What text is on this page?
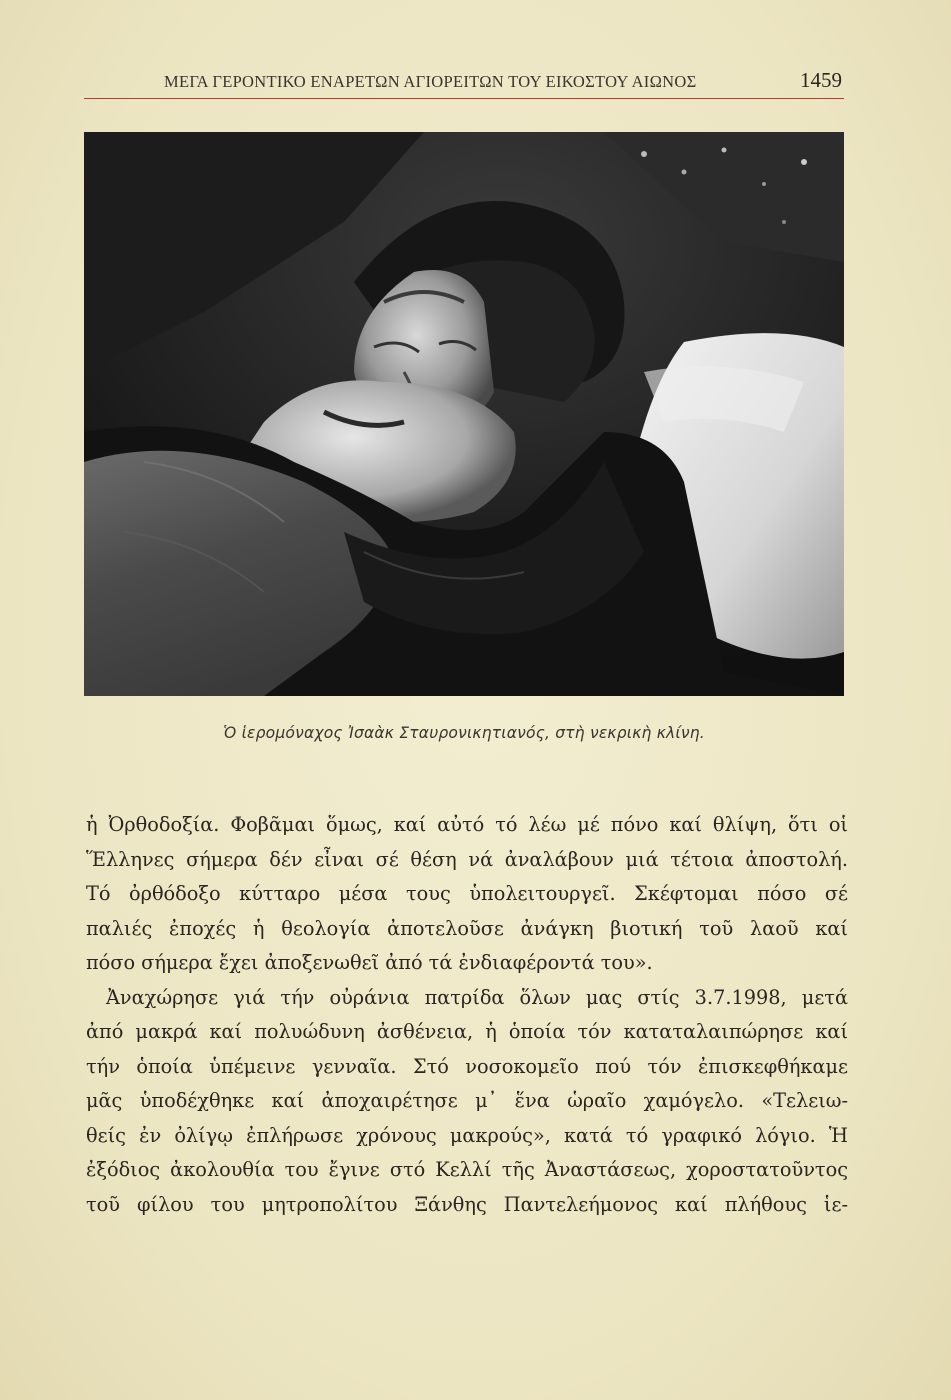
ΜΕΓΑ ΓΕΡΟΝΤΙΚΟ ΕΝΑΡΕΤΩΝ ΑΓΙΟΡΕΙΤΩΝ ΤΟΥ ΕΙΚΟΣΤΟΥ ΑΙΩΝΟΣ	1459
Ὁ ἱερομόναχος Ἰσαὰκ Σταυρονικητιανός, στὴ νεκρικὴ κλίνη.
ἡ Ὀρθοδοξία. Φοβᾶμαι ὅμως, καί αὐτό τό λέω μέ πόνο καί θλίψη, ὅτι οἱ
Ἕλληνες σήμερα δέν εἶναι σέ θέση νά ἀναλάβουν μιά τέτοια ἀποστολή.
Τό ὀρθόδοξο κύτταρο μέσα τους ὑπολειτουργεῖ. Σκέφτομαι πόσο σέ
παλιές ἐποχές ἡ θεολογία ἀποτελοῦσε ἀνάγκη βιοτική τοῦ λαοῦ καί
πόσο σήμερα ἔχει ἀποξενωθεῖ ἀπό τά ἐνδιαφέροντά του».
Ἀναχώρησε γιά τήν οὐράνια πατρίδα ὅλων μας στίς 3.7.1998, μετά
ἀπό μακρά καί πολυώδυνη ἀσθένεια, ἡ ὁποία τόν καταταλαιπώρησε καί
τήν ὁποία ὑπέμεινε γενναῖα. Στό νοσοκομεῖο πού τόν ἐπισκεφθήκαμε
μᾶς ὑποδέχθηκε καί ἀποχαιρέτησε μ᾽ ἕνα ὡραῖο χαμόγελο. «Τελειω-
θείς ἐν ὀλίγῳ ἐπλήρωσε χρόνους μακρούς», κατά τό γραφικό λόγιο. Ἡ
ἐξόδιος ἀκολουθία του ἔγινε στό Κελλί τῆς Ἀναστάσεως, χοροστατοῦντος
τοῦ φίλου του μητροπολίτου Ξάνθης Παντελεήμονος καί πλήθους ἱε-
